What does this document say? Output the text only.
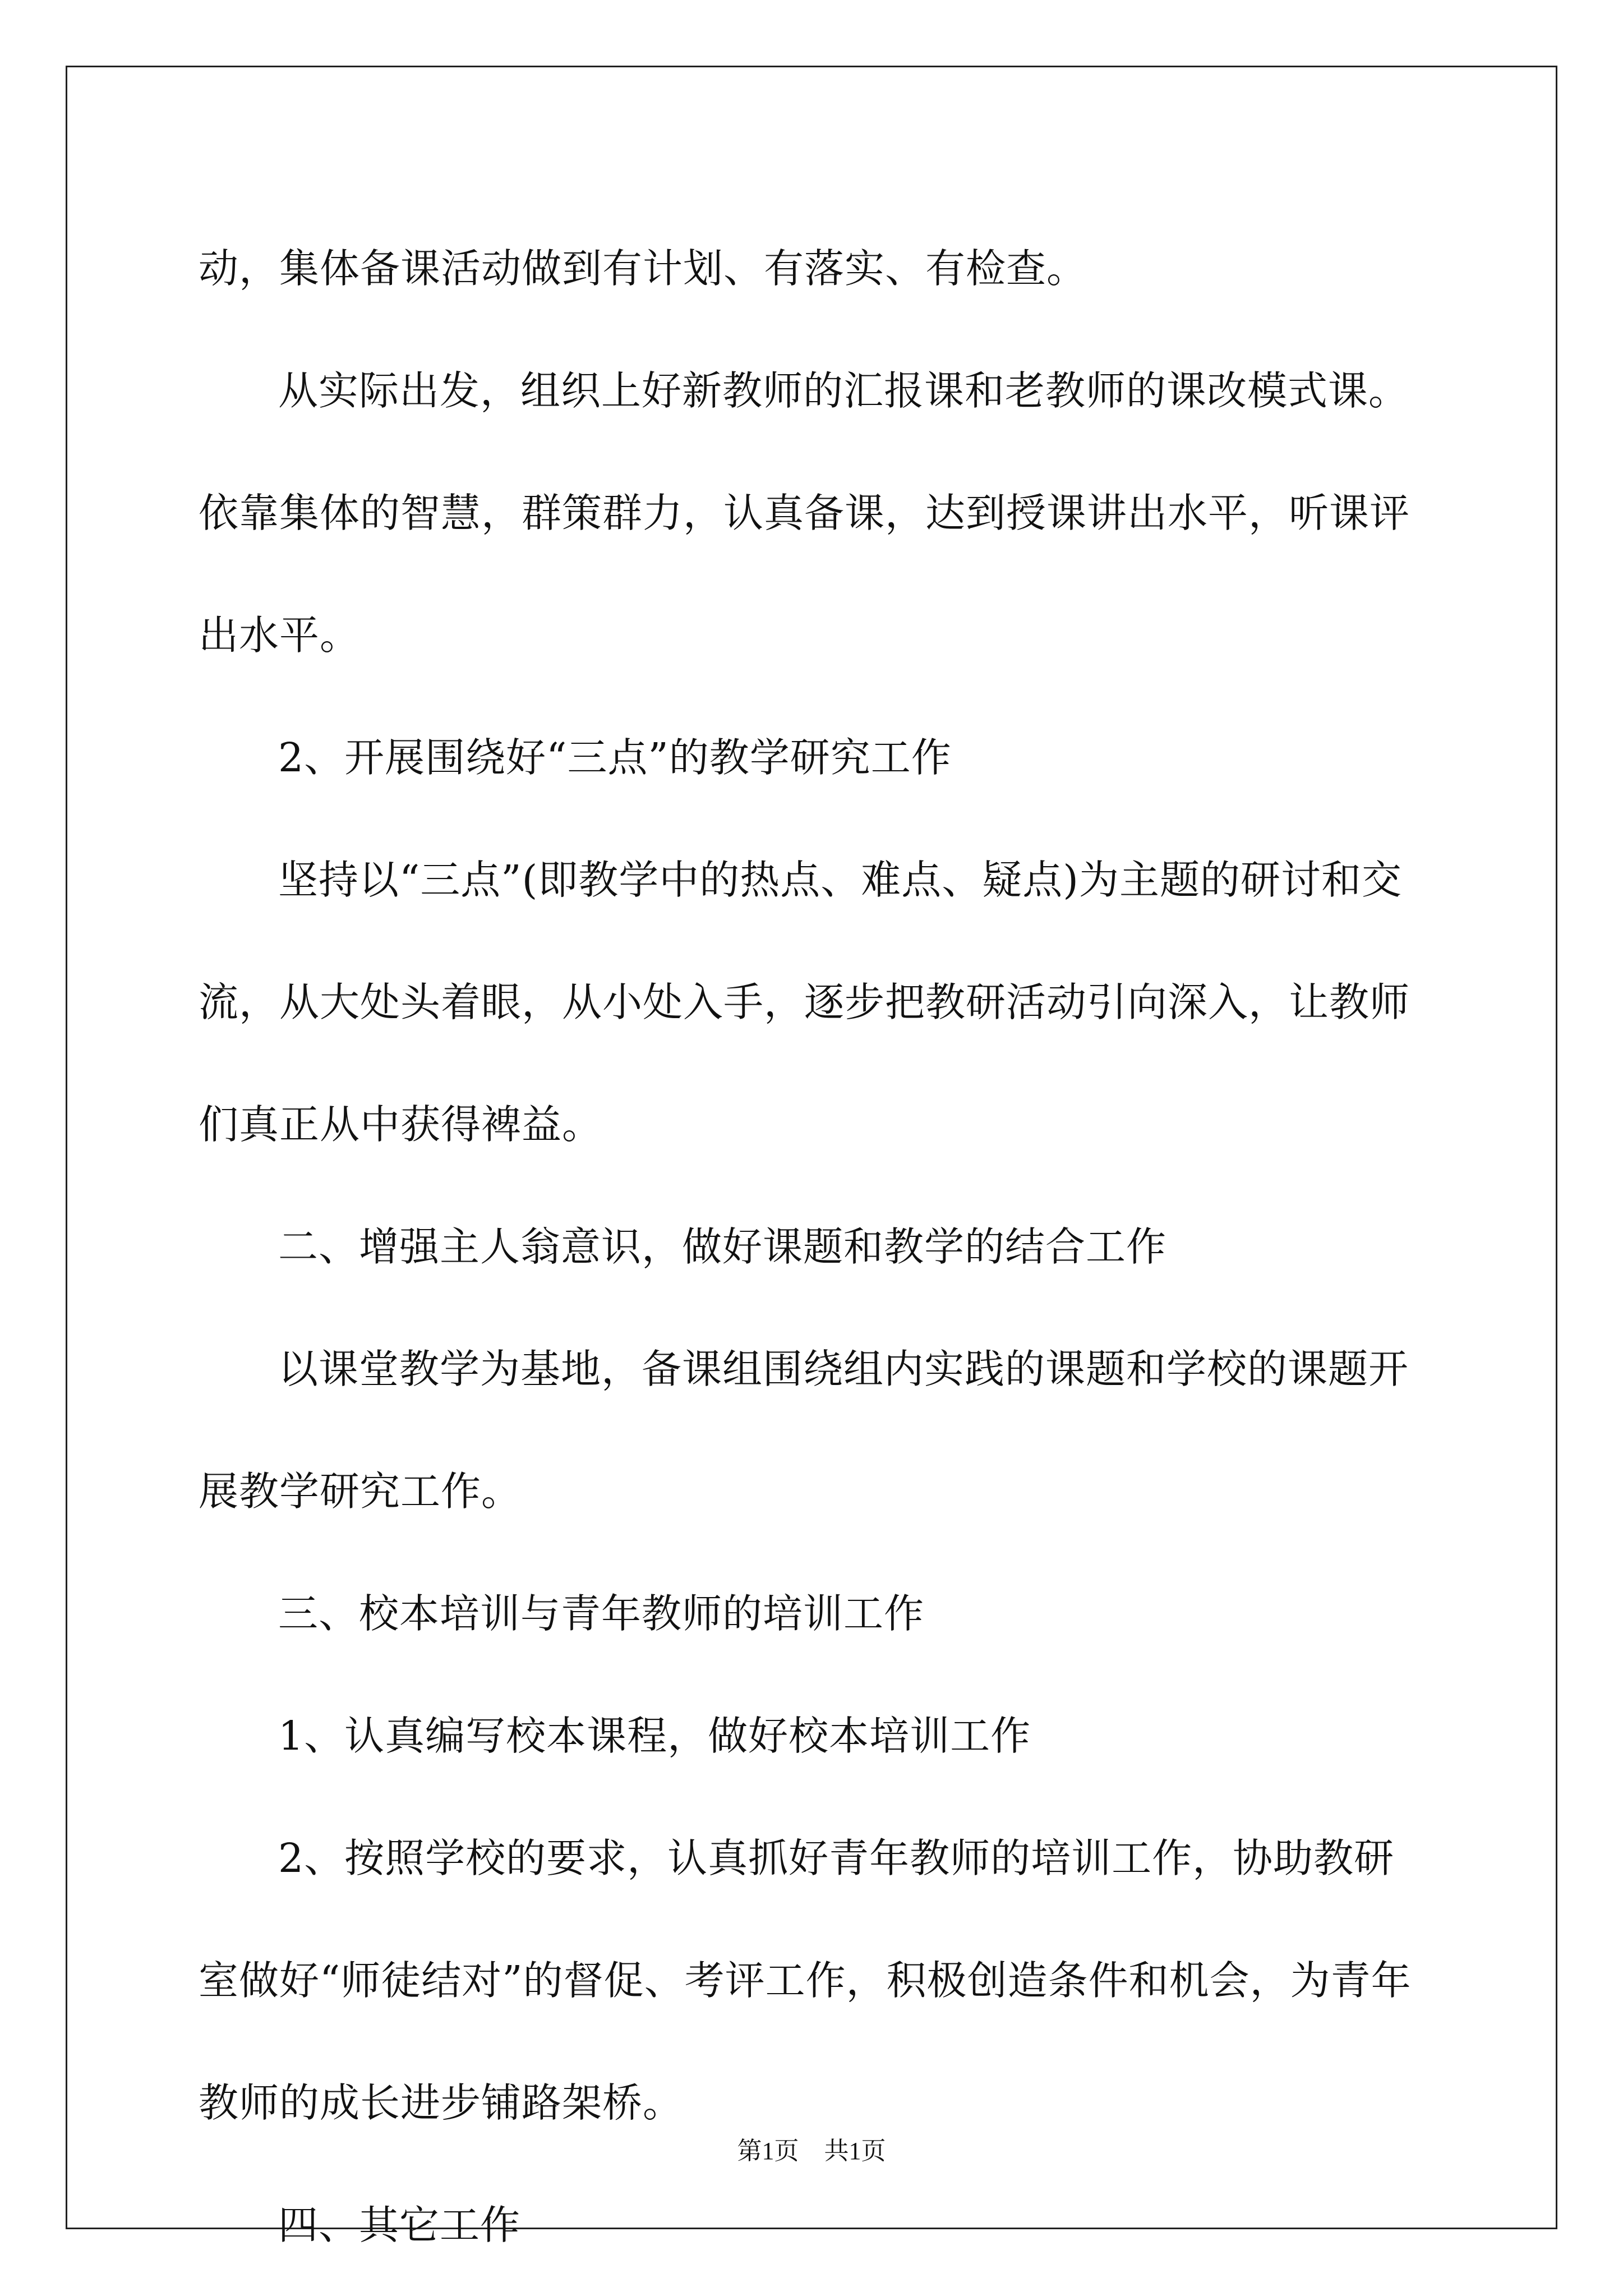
动，集体备课活动做到有计划、有落实、有检查。

从实际出发，组织上好新教师的汇报课和老教师的课改模式课。依靠集体的智慧，群策群力，认真备课，达到授课讲出水平，听课评出水平。

2、开展围绕好“三点”的教学研究工作

坚持以“三点”(即教学中的热点、难点、疑点)为主题的研讨和交流，从大处头着眼，从小处入手，逐步把教研活动引向深入，让教师们真正从中获得裨益。

二、增强主人翁意识，做好课题和教学的结合工作

以课堂教学为基地，备课组围绕组内实践的课题和学校的课题开展教学研究工作。

三、校本培训与青年教师的培训工作

1、认真编写校本课程，做好校本培训工作

2、按照学校的要求，认真抓好青年教师的培训工作，协助教研室做好“师徒结对”的督促、考评工作，积极创造条件和机会，为青年教师的成长进步铺路架桥。

四、其它工作

第1页 共1页
